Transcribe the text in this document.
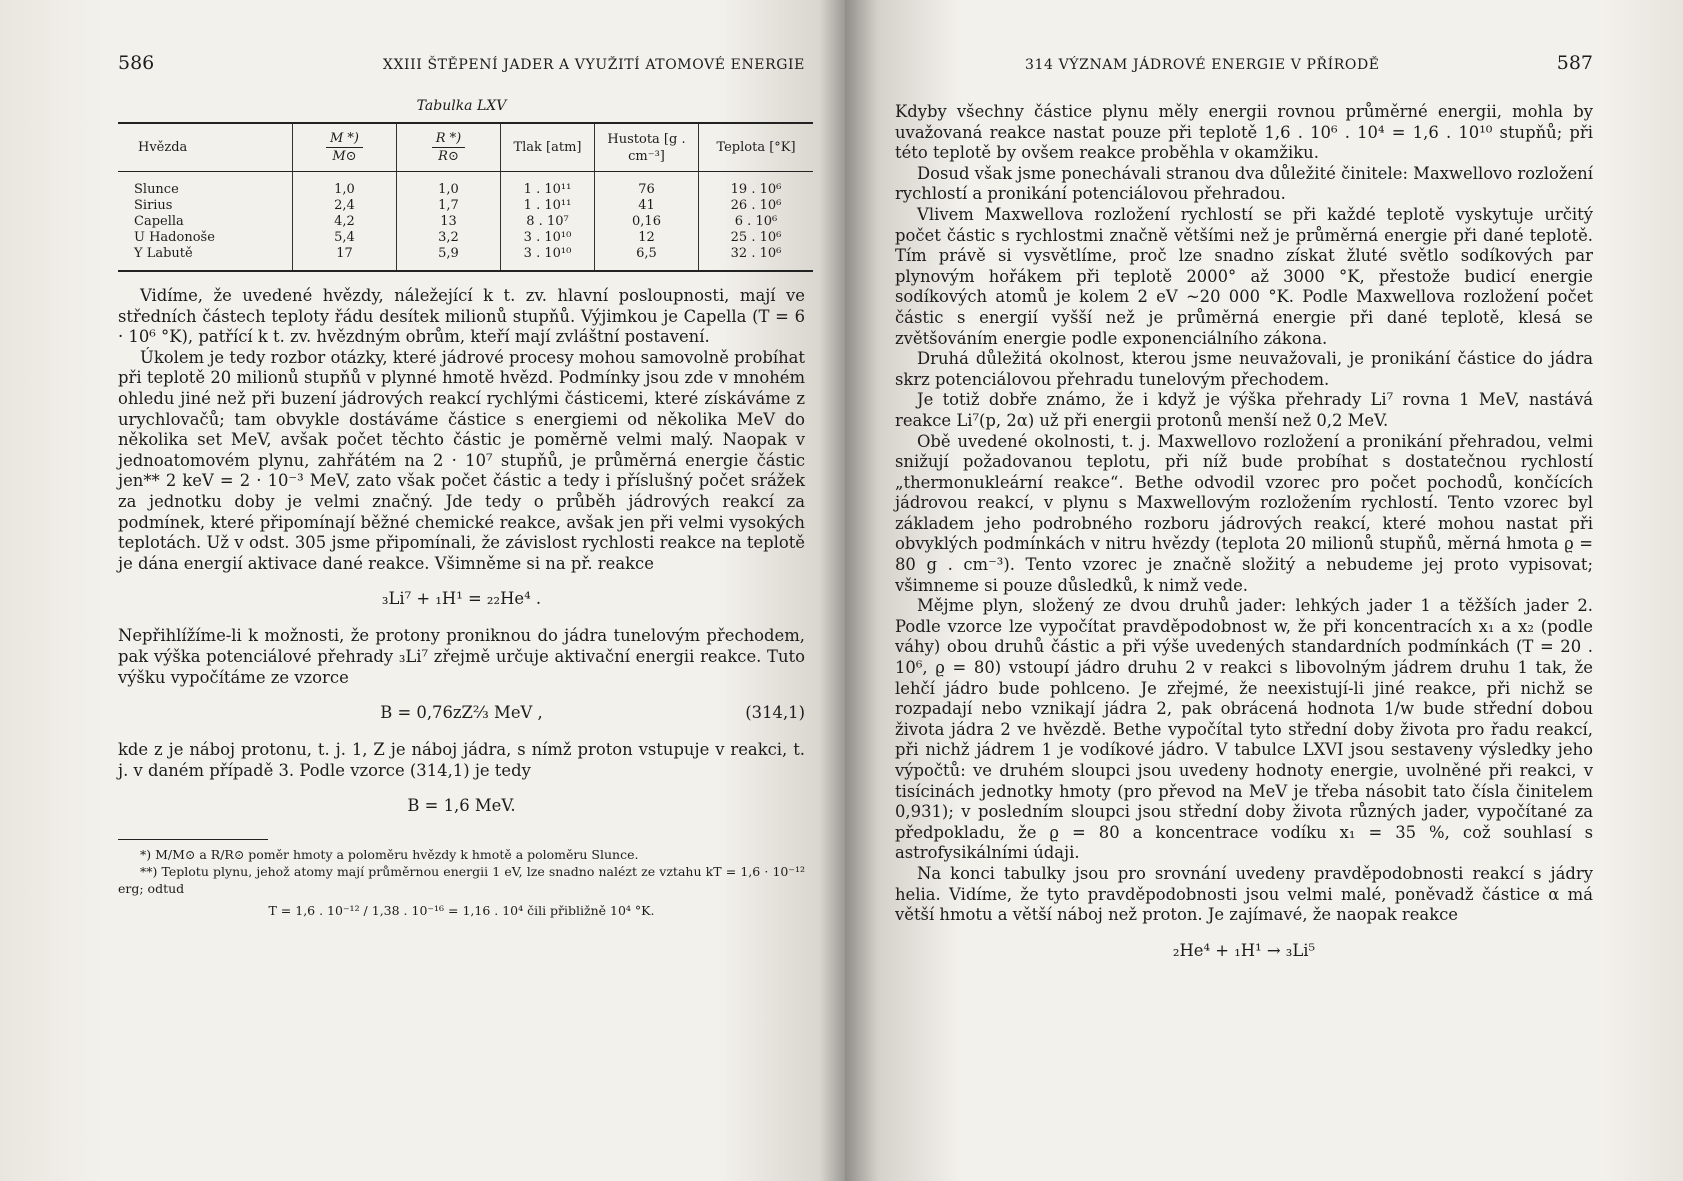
586	XXIII ŠTĚPENÍ JADER A VYUŽITÍ ATOMOVÉ ENERGIE
Tabulka LXV
Hvězda	$\frac{M *)}{M⊙}$	$\frac{R *)}{R⊙}$	Tlak [atm]	Hustota [g . cm⁻³]	Teplota [°K]
Slunce	1,0	1,0	1 . 10¹¹	76	19 . 10⁶
Sirius	2,4	1,7	1 . 10¹¹	41	26 . 10⁶
Capella	4,2	13	8 . 10⁷	0,16	6 . 10⁶
U Hadonoše	5,4	3,2	3 . 10¹⁰	12	25 . 10⁶
Y Labutě	17	5,9	3 . 10¹⁰	6,5	32 . 10⁶

Vidíme, že uvedené hvězdy, náležející k t. zv. hlavní posloupnosti, mají ve středních částech teploty řádu desítek milionů stupňů. Výjimkou je Capella (T = 6 · 10⁶ °K), patřící k t. zv. hvězdným obrům, kteří mají zvláštní postavení.

Úkolem je tedy rozbor otázky, které jádrové procesy mohou samovolně probíhat při teplotě 20 milionů stupňů v plynné hmotě hvězd. Podmínky jsou zde v mnohém ohledu jiné než při buzení jádrových reakcí rychlými částicemi, které získáváme z urychlovačů; tam obvykle dostáváme částice s energiemi od několika MeV do několika set MeV, avšak počet těchto částic je poměrně velmi malý. Naopak v jednoatomovém plynu, zahřátém na 2 · 10⁷ stupňů, je průměrná energie částic jen** 2 keV = 2 · 10⁻³ MeV, zato však počet částic a tedy i příslušný počet srážek za jednotku doby je velmi značný. Jde tedy o průběh jádrových reakcí za podmínek, které připomínají běžné chemické reakce, avšak jen při velmi vysokých teplotách. Už v odst. 305 jsme připomínali, že závislost rychlosti reakce na teplotě je dána energií aktivace dané reakce. Všimněme si na př. reakce

₃Li⁷ + ₁H¹ = ₂₂He⁴ .

Nepřihlížíme-li k možnosti, že protony proniknou do jádra tunelovým přechodem, pak výška potenciálové přehrady ₃Li⁷ zřejmě určuje aktivační energii reakce. Tuto výšku vypočítáme ze vzorce

B = 0,76zZ⅔ MeV ,	(314,1)

kde z je náboj protonu, t. j. 1, Z je náboj jádra, s nímž proton vstupuje v reakci, t. j. v daném případě 3. Podle vzorce (314,1) je tedy

B = 1,6 MeV.
*) M/M⊙ a R/R⊙ poměr hmoty a poloměru hvězdy k hmotě a poloměru Slunce.
**) Teplotu plynu, jehož atomy mají průměrnou energii 1 eV, lze snadno nalézt ze vztahu kT = 1,6 · 10⁻¹² erg; odtud
T = 1,6 . 10⁻¹² / 1,38 . 10⁻¹⁶ = 1,16 . 10⁴ čili přibližně 10⁴ °K.
314 VÝZNAM JÁDROVÉ ENERGIE V PŘÍRODĚ	587

Kdyby všechny částice plynu měly energii rovnou průměrné energii, mohla by uvažovaná reakce nastat pouze při teplotě 1,6 . 10⁶ . 10⁴ = 1,6 . 10¹⁰ stupňů; při této teplotě by ovšem reakce proběhla v okamžiku.

Dosud však jsme ponechávali stranou dva důležité činitele: Maxwellovo rozložení rychlostí a pronikání potenciálovou přehradou.

Vlivem Maxwellova rozložení rychlostí se při každé teplotě vyskytuje určitý počet částic s rychlostmi značně většími než je průměrná energie při dané teplotě. Tím právě si vysvětlíme, proč lze snadno získat žluté světlo sodíkových par plynovým hořákem při teplotě 2000° až 3000 °K, přestože budicí energie sodíkových atomů je kolem 2 eV ~20 000 °K. Podle Maxwellova rozložení počet částic s energií vyšší než je průměrná energie při dané teplotě, klesá se zvětšováním energie podle exponenciálního zákona.

Druhá důležitá okolnost, kterou jsme neuvažovali, je pronikání částice do jádra skrz potenciálovou přehradu tunelovým přechodem.

Je totiž dobře známo, že i když je výška přehrady Li⁷ rovna 1 MeV, nastává reakce Li⁷(p, 2α) už při energii protonů menší než 0,2 MeV.

Obě uvedené okolnosti, t. j. Maxwellovo rozložení a pronikání přehradou, velmi snižují požadovanou teplotu, při níž bude probíhat s dostatečnou rychlostí „thermonukleární reakce“. Bethe odvodil vzorec pro počet pochodů, končících jádrovou reakcí, v plynu s Maxwellovým rozložením rychlostí. Tento vzorec byl základem jeho podrobného rozboru jádrových reakcí, které mohou nastat při obvyklých podmínkách v nitru hvězdy (teplota 20 milionů stupňů, měrná hmota ϱ = 80 g . cm⁻³). Tento vzorec je značně složitý a nebudeme jej proto vypisovat; všimneme si pouze důsledků, k nimž vede.

Mějme plyn, složený ze dvou druhů jader: lehkých jader 1 a těžších jader 2. Podle vzorce lze vypočítat pravděpodobnost w, že při koncentracích x₁ a x₂ (podle váhy) obou druhů částic a při výše uvedených standardních podmínkách (T = 20 . 10⁶, ϱ = 80) vstoupí jádro druhu 2 v reakci s libovolným jádrem druhu 1 tak, že lehčí jádro bude pohlceno. Je zřejmé, že neexistují-li jiné reakce, při nichž se rozpadají nebo vznikají jádra 2, pak obrácená hodnota 1/w bude střední dobou života jádra 2 ve hvězdě. Bethe vypočítal tyto střední doby života pro řadu reakcí, při nichž jádrem 1 je vodíkové jádro. V tabulce LXVI jsou sestaveny výsledky jeho výpočtů: ve druhém sloupci jsou uvedeny hodnoty energie, uvolněné při reakci, v tisícinách jednotky hmoty (pro převod na MeV je třeba násobit tato čísla činitelem 0,931); v posledním sloupci jsou střední doby života různých jader, vypočítané za předpokladu, že ϱ = 80 a koncentrace vodíku x₁ = 35 %, což souhlasí s astrofysikálními údaji.

Na konci tabulky jsou pro srovnání uvedeny pravděpodobnosti reakcí s jádry helia. Vidíme, že tyto pravděpodobnosti jsou velmi malé, poněvadž částice α má větší hmotu a větší náboj než proton. Je zajímavé, že naopak reakce

₂He⁴ + ₁H¹ → ₃Li⁵
